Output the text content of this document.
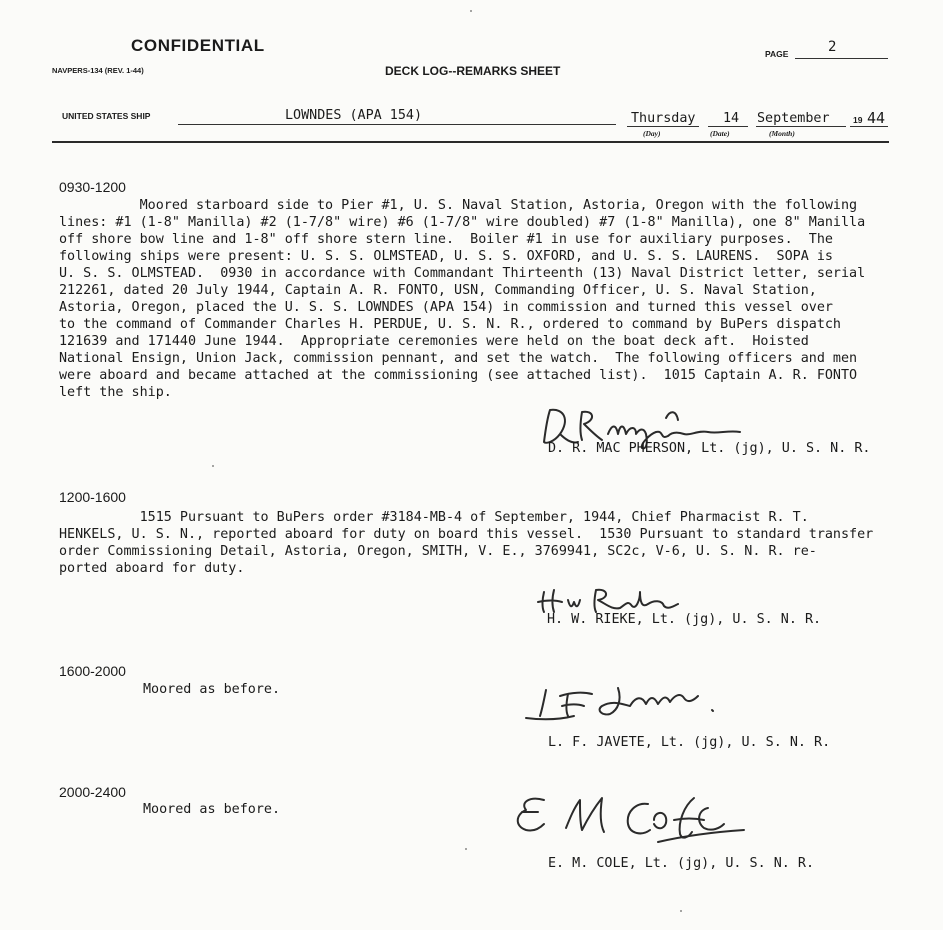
CONFIDENTIAL
NAVPERS-134 (REV. 1-44)	DECK LOG--REMARKS SHEET
PAGE	2
UNITED STATES SHIP	LOWNDES (APA 154)	Thursday
(Day)
14
(Date)
September
(Month)
19 44
0930-1200
Moored starboard side to Pier #1, U. S. Naval Station, Astoria, Oregon with the following
lines: #1 (1-8" Manilla) #2 (1-7/8" wire) #6 (1-7/8" wire doubled) #7 (1-8" Manilla), one 8" Manilla
off shore bow line and 1-8" off shore stern line.  Boiler #1 in use for auxiliary purposes.  The
following ships were present: U. S. S. OLMSTEAD, U. S. S. OXFORD, and U. S. S. LAURENS.  SOPA is
U. S. S. OLMSTEAD.  0930 in accordance with Commandant Thirteenth (13) Naval District letter, serial
212261, dated 20 July 1944, Captain A. R. FONTO, USN, Commanding Officer, U. S. Naval Station,
Astoria, Oregon, placed the U. S. S. LOWNDES (APA 154) in commission and turned this vessel over
to the command of Commander Charles H. PERDUE, U. S. N. R., ordered to command by BuPers dispatch
121639 and 171440 June 1944.  Appropriate ceremonies were held on the boat deck aft.  Hoisted
National Ensign, Union Jack, commission pennant, and set the watch.  The following officers and men
were aboard and became attached at the commissioning (see attached list).  1015 Captain A. R. FONTO
left the ship.
D. R. MAC PHERSON, Lt. (jg), U. S. N. R.
1200-1600
1515 Pursuant to BuPers order #3184-MB-4 of September, 1944, Chief Pharmacist R. T.
HENKELS, U. S. N., reported aboard for duty on board this vessel.  1530 Pursuant to standard transfer
order Commissioning Detail, Astoria, Oregon, SMITH, V. E., 3769941, SC2c, V-6, U. S. N. R. re-
ported aboard for duty.
H. W. RIEKE, Lt. (jg), U. S. N. R.
1600-2000
Moored as before.
L. F. JAVETE, Lt. (jg), U. S. N. R.
2000-2400
Moored as before.
E. M. COLE, Lt. (jg), U. S. N. R.
